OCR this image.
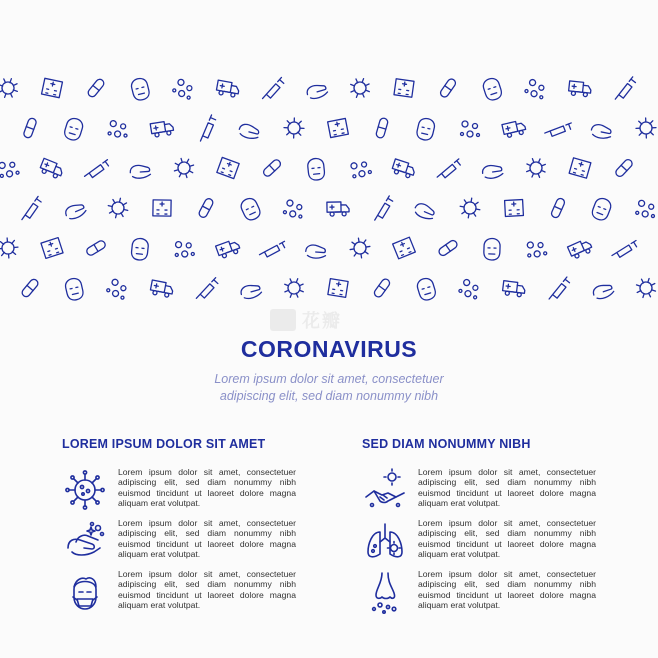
花瓣
CORONAVIRUS
Lorem ipsum dolor sit amet, consectetuer
adipiscing elit, sed diam nonummy nibh
LOREM IPSUM DOLOR SIT AMET
Lorem ipsum dolor sit amet, consectetuer adipiscing elit, sed diam nonummy nibh euismod tincidunt ut laoreet dolore magna aliquam erat volutpat.
Lorem ipsum dolor sit amet, consectetuer adipiscing elit, sed diam nonummy nibh euismod tincidunt ut laoreet dolore magna aliquam erat volutpat.
Lorem ipsum dolor sit amet, consectetuer adipiscing elit, sed diam nonummy nibh euismod tincidunt ut laoreet dolore magna aliquam erat volutpat.
SED DIAM NONUMMY NIBH
Lorem ipsum dolor sit amet, consectetuer adipiscing elit, sed diam nonummy nibh euismod tincidunt ut laoreet dolore magna aliquam erat volutpat.
Lorem ipsum dolor sit amet, consectetuer adipiscing elit, sed diam nonummy nibh euismod tincidunt ut laoreet dolore magna aliquam erat volutpat.
Lorem ipsum dolor sit amet, consectetuer adipiscing elit, sed diam nonummy nibh euismod tincidunt ut laoreet dolore magna aliquam erat volutpat.
